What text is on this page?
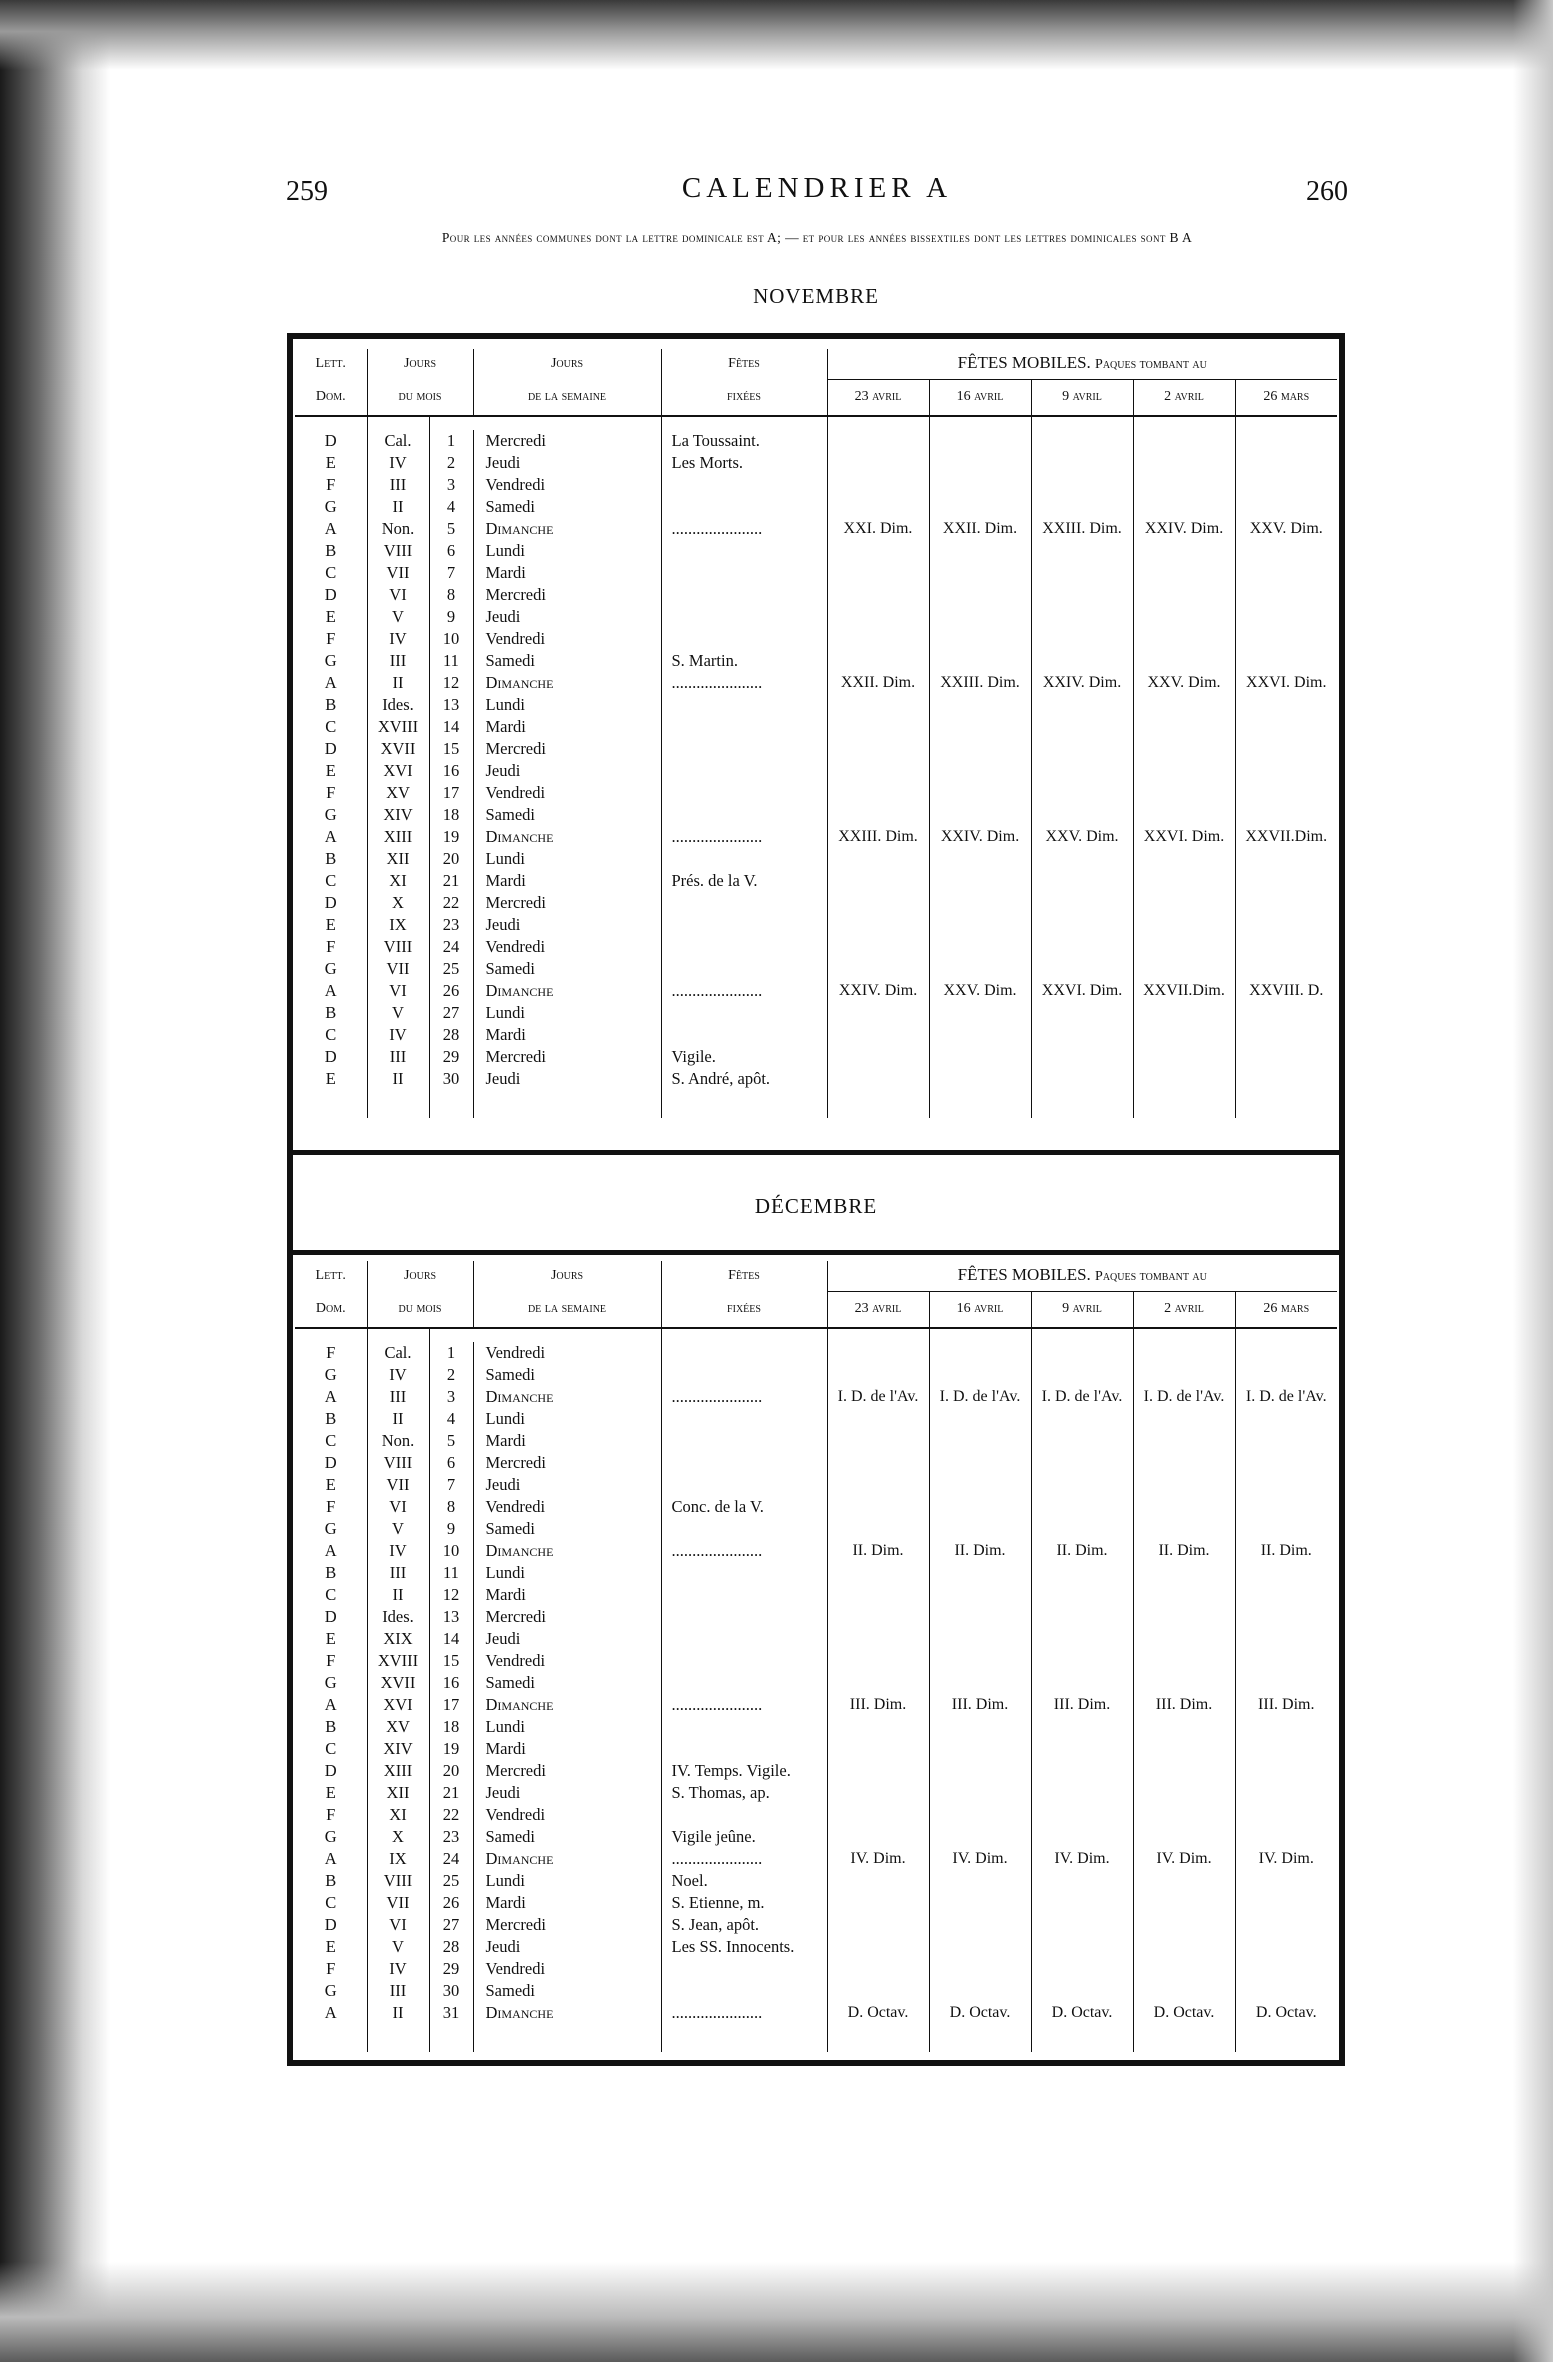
259	CALENDRIER A	260
Pour les années communes dont la lettre dominicale est A; — et pour les années bissextiles dont les lettres dominicales sont B A
NOVEMBRE
Lett.	Jours		Jours	Fêtes	FÊTES MOBILES. Paques tombant au				
Dom.	du mois		de la semaine	fixées	23 avril	16 avril	9 avril	2 avril	26 mars

D	Cal.	1	Mercredi	La Toussaint.					
E	IV	2	Jeudi	Les Morts.					
F	III	3	Vendredi						
G	II	4	Samedi						
A	Non.	5	Dimanche	......................	XXI. Dim.	XXII. Dim.	XXIII. Dim.	XXIV. Dim.	XXV. Dim.
B	VIII	6	Lundi						
C	VII	7	Mardi						
D	VI	8	Mercredi						
E	V	9	Jeudi						
F	IV	10	Vendredi						
G	III	11	Samedi	S. Martin.					
A	II	12	Dimanche	......................	XXII. Dim.	XXIII. Dim.	XXIV. Dim.	XXV. Dim.	XXVI. Dim.
B	Ides.	13	Lundi						
C	XVIII	14	Mardi						
D	XVII	15	Mercredi						
E	XVI	16	Jeudi						
F	XV	17	Vendredi						
G	XIV	18	Samedi						
A	XIII	19	Dimanche	......................	XXIII. Dim.	XXIV. Dim.	XXV. Dim.	XXVI. Dim.	XXVII.Dim.
B	XII	20	Lundi						
C	XI	21	Mardi	Prés. de la V.					
D	X	22	Mercredi						
E	IX	23	Jeudi						
F	VIII	24	Vendredi						
G	VII	25	Samedi						
A	VI	26	Dimanche	......................	XXIV. Dim.	XXV. Dim.	XXVI. Dim.	XXVII.Dim.	XXVIII. D.
B	V	27	Lundi						
C	IV	28	Mardi						
D	III	29	Mercredi	Vigile.					
E	II	30	Jeudi	S. André, apôt.					

DÉCEMBRE
Lett.	Jours		Jours	Fêtes	FÊTES MOBILES. Paques tombant au				
Dom.	du mois		de la semaine	fixées	23 avril	16 avril	9 avril	2 avril	26 mars

F	Cal.	1	Vendredi						
G	IV	2	Samedi						
A	III	3	Dimanche	......................	I. D. de l'Av.	I. D. de l'Av.	I. D. de l'Av.	I. D. de l'Av.	I. D. de l'Av.
B	II	4	Lundi						
C	Non.	5	Mardi						
D	VIII	6	Mercredi						
E	VII	7	Jeudi						
F	VI	8	Vendredi	Conc. de la V.					
G	V	9	Samedi						
A	IV	10	Dimanche	......................	II. Dim.	II. Dim.	II. Dim.	II. Dim.	II. Dim.
B	III	11	Lundi						
C	II	12	Mardi						
D	Ides.	13	Mercredi						
E	XIX	14	Jeudi						
F	XVIII	15	Vendredi						
G	XVII	16	Samedi						
A	XVI	17	Dimanche	......................	III. Dim.	III. Dim.	III. Dim.	III. Dim.	III. Dim.
B	XV	18	Lundi						
C	XIV	19	Mardi						
D	XIII	20	Mercredi	IV. Temps. Vigile.					
E	XII	21	Jeudi	S. Thomas, ap.					
F	XI	22	Vendredi						
G	X	23	Samedi	Vigile jeûne.					
A	IX	24	Dimanche	......................	IV. Dim.	IV. Dim.	IV. Dim.	IV. Dim.	IV. Dim.
B	VIII	25	Lundi	Noel.					
C	VII	26	Mardi	S. Etienne, m.					
D	VI	27	Mercredi	S. Jean, apôt.					
E	V	28	Jeudi	Les SS. Innocents.					
F	IV	29	Vendredi						
G	III	30	Samedi						
A	II	31	Dimanche	......................	D. Octav.	D. Octav.	D. Octav.	D. Octav.	D. Octav.
